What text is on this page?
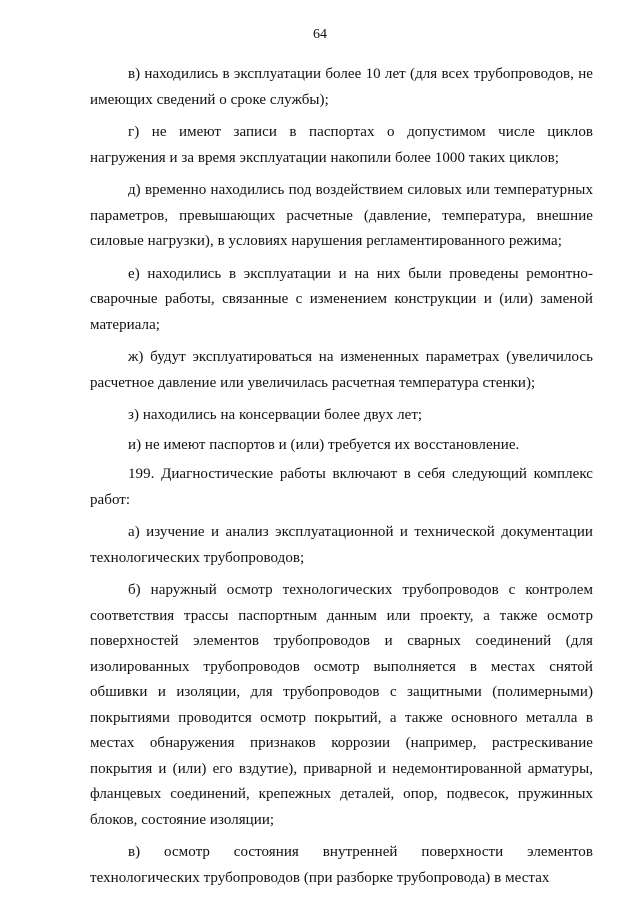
64

в) находились в эксплуатации более 10 лет (для всех трубопроводов, не имеющих сведений о сроке службы);

г) не имеют записи в паспортах о допустимом числе циклов нагружения и за время эксплуатации накопили более 1000 таких циклов;

д) временно находились под воздействием силовых или температурных параметров, превышающих расчетные (давление, температура, внешние силовые нагрузки), в условиях нарушения регламентированного режима;

е) находились в эксплуатации и на них были проведены ремонтно-сварочные работы, связанные с изменением конструкции и (или) заменой материала;

ж) будут эксплуатироваться на измененных параметрах (увеличилось расчетное давление или увеличилась расчетная температура стенки);

з) находились на консервации более двух лет;

и) не имеют паспортов и (или) требуется их восстановление.

199. Диагностические работы включают в себя следующий комплекс работ:

а) изучение и анализ эксплуатационной и технической документации технологических трубопроводов;

б) наружный осмотр технологических трубопроводов с контролем соответствия трассы паспортным данным или проекту, а также осмотр поверхностей элементов трубопроводов и сварных соединений (для изолированных трубопроводов осмотр выполняется в местах снятой обшивки и изоляции, для трубопроводов с защитными (полимерными) покрытиями проводится осмотр покрытий, а также основного металла в местах обнаружения признаков коррозии (например, растрескивание покрытия и (или) его вздутие), приварной и недемонтированной арматуры, фланцевых соединений, крепежных деталей, опор, подвесок, пружинных блоков, состояние изоляции;

в) осмотр состояния внутренней поверхности элементов технологических трубопроводов (при разборке трубопровода) в местах
